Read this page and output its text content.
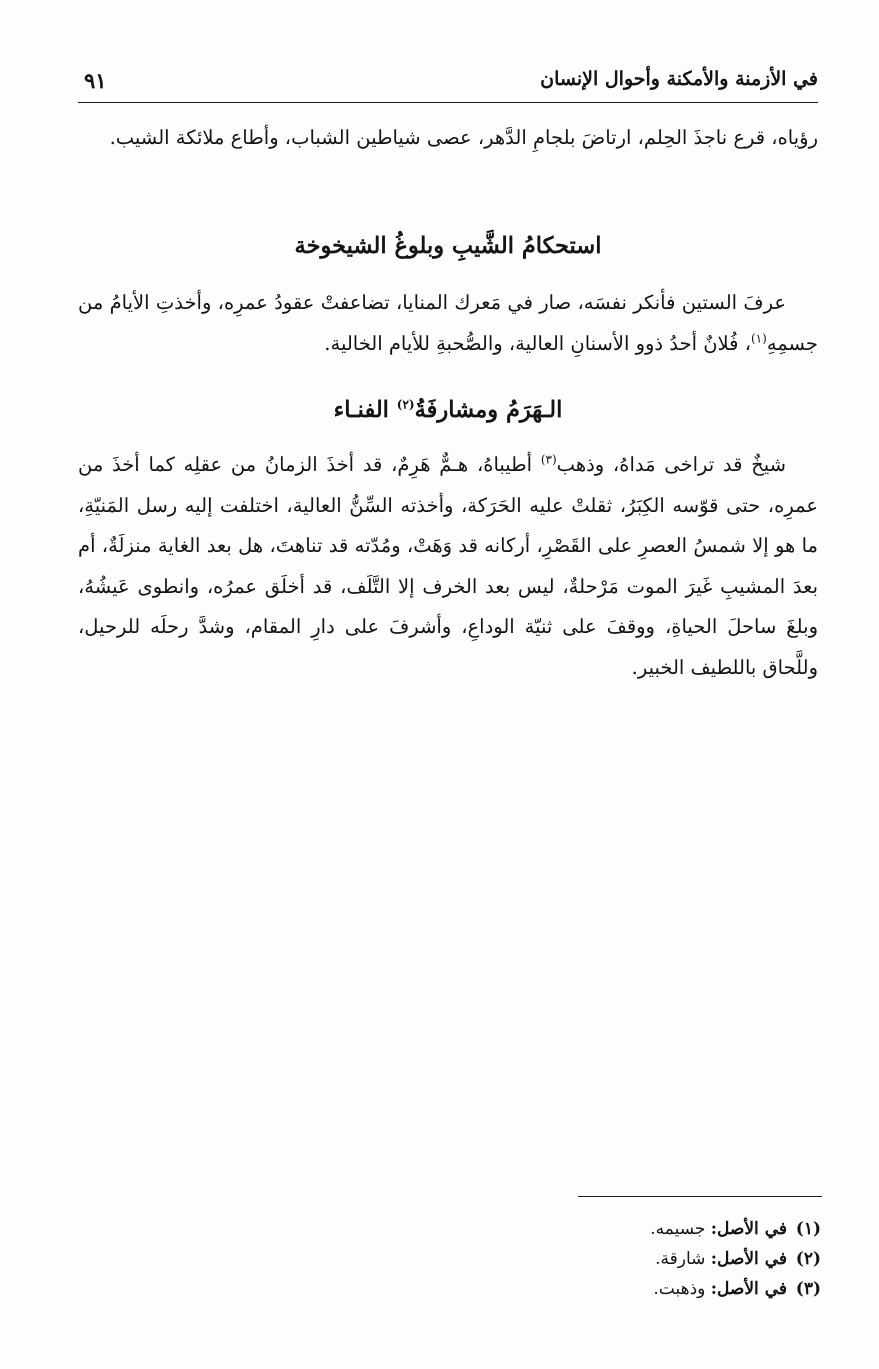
في الأزمنة والأمكنة وأحوال الإنسان
٩١

رؤياه، قرع ناجذَ الحِلم، ارتاضَ بلجامِ الدَّهر، عصى شياطين الشباب، وأطاع ملائكة الشيب.

استحكامُ الشَّيبِ وبلوغُ الشيخوخة

عرفَ الستين فأنكر نفسَه، صار في مَعرك المنايا، تضاعفتْ عقودُ عمرِه، وأخذتِ الأيامُ من جسمِهِ$^{(١)}$، فُلانٌ أحدُ ذوو الأسنانِ العالية، والصُّحبةِ للأيام الخالية.

الـهَرَمُ ومشارفَةُ$^{(٢)}$ الفنـاء

شيخٌ قد تراخى مَداهُ، وذهب$^{(٣)}$ أطيباهُ، هـمٌّ هَرِمٌ، قد أخذَ الزمانُ من عقلِه كما أخذَ من عمرِه، حتى قوّسه الكِبَرُ، ثقلتْ عليه الحَرَكة، وأخذته السِّنُّ العالية، اختلفت إليه رسل المَنيّةِ، ما هو إلا شمسُ العصرِ على القَصْرِ، أركانه قد وَهَتْ، ومُدّته قد تناهتَ، هل بعد الغاية منزلَةٌ، أم بعدَ المشيبِ غَيرَ الموت مَرْحلةٌ، ليس بعد الخرف إلا التَّلَف، قد أخلَق عمرُه، وانطوى عَيشُهُ، وبلغَ ساحلَ الحياةِ، ووقفَ على ثنيّة الوداعِ، وأشرفَ على دارِ المقام، وشدَّ رحلَه للرحيل، وللَّحاق باللطيف الخبير.

(١)في الأصل: جسيمه.
(٢)في الأصل: شارقة.
(٣)في الأصل: وذهبت.
